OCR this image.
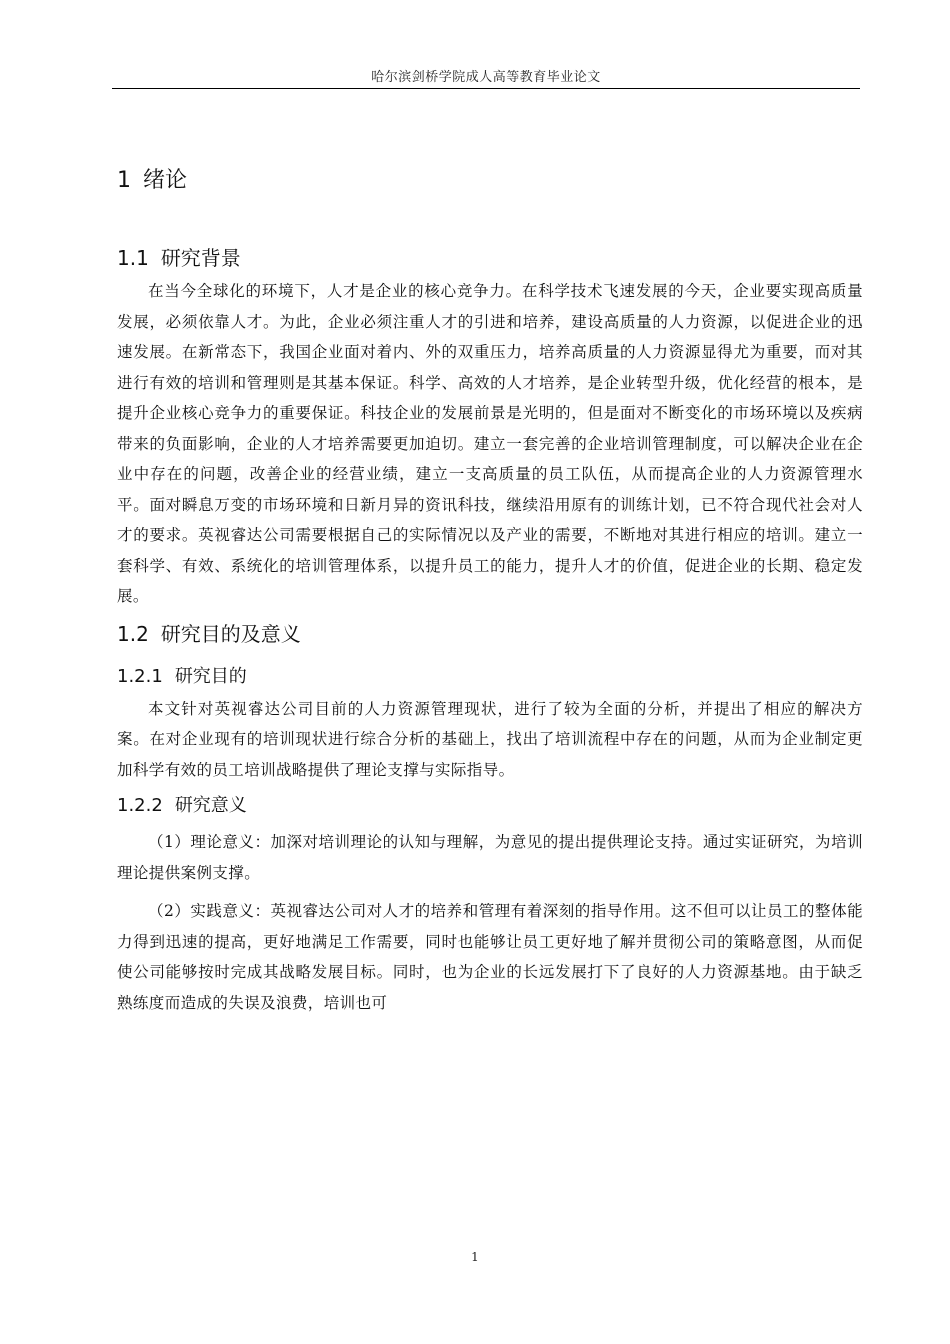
哈尔滨剑桥学院成人高等教育毕业论文
1 绪论
1.1 研究背景

在当今全球化的环境下，人才是企业的核心竞争力。在科学技术飞速发展的今天，企业要实现高质量发展，必须依靠人才。为此，企业必须注重人才的引进和培养，建设高质量的人力资源，以促进企业的迅速发展。在新常态下，我国企业面对着内、外的双重压力，培养高质量的人力资源显得尤为重要，而对其进行有效的培训和管理则是其基本保证。科学、高效的人才培养，是企业转型升级，优化经营的根本，是提升企业核心竞争力的重要保证。科技企业的发展前景是光明的，但是面对不断变化的市场环境以及疾病带来的负面影响，企业的人才培养需要更加迫切。建立一套完善的企业培训管理制度，可以解决企业在企业中存在的问题，改善企业的经营业绩，建立一支高质量的员工队伍，从而提高企业的人力资源管理水平。面对瞬息万变的市场环境和日新月异的资讯科技，继续沿用原有的训练计划，已不符合现代社会对人才的要求。英视睿达公司需要根据自己的实际情况以及产业的需要，不断地对其进行相应的培训。建立一套科学、有效、系统化的培训管理体系，以提升员工的能力，提升人才的价值，促进企业的长期、稳定发展。

1.2 研究目的及意义
1.2.1 研究目的

本文针对英视睿达公司目前的人力资源管理现状，进行了较为全面的分析，并提出了相应的解决方案。在对企业现有的培训现状进行综合分析的基础上，找出了培训流程中存在的问题，从而为企业制定更加科学有效的员工培训战略提供了理论支撑与实际指导。

1.2.2 研究意义

（1）理论意义：加深对培训理论的认知与理解，为意见的提出提供理论支持。通过实证研究，为培训理论提供案例支撑。

（2）实践意义：英视睿达公司对人才的培养和管理有着深刻的指导作用。这不但可以让员工的整体能力得到迅速的提高，更好地满足工作需要，同时也能够让员工更好地了解并贯彻公司的策略意图，从而促使公司能够按时完成其战略发展目标。同时，也为企业的长远发展打下了良好的人力资源基地。由于缺乏熟练度而造成的失误及浪费，培训也可

1
